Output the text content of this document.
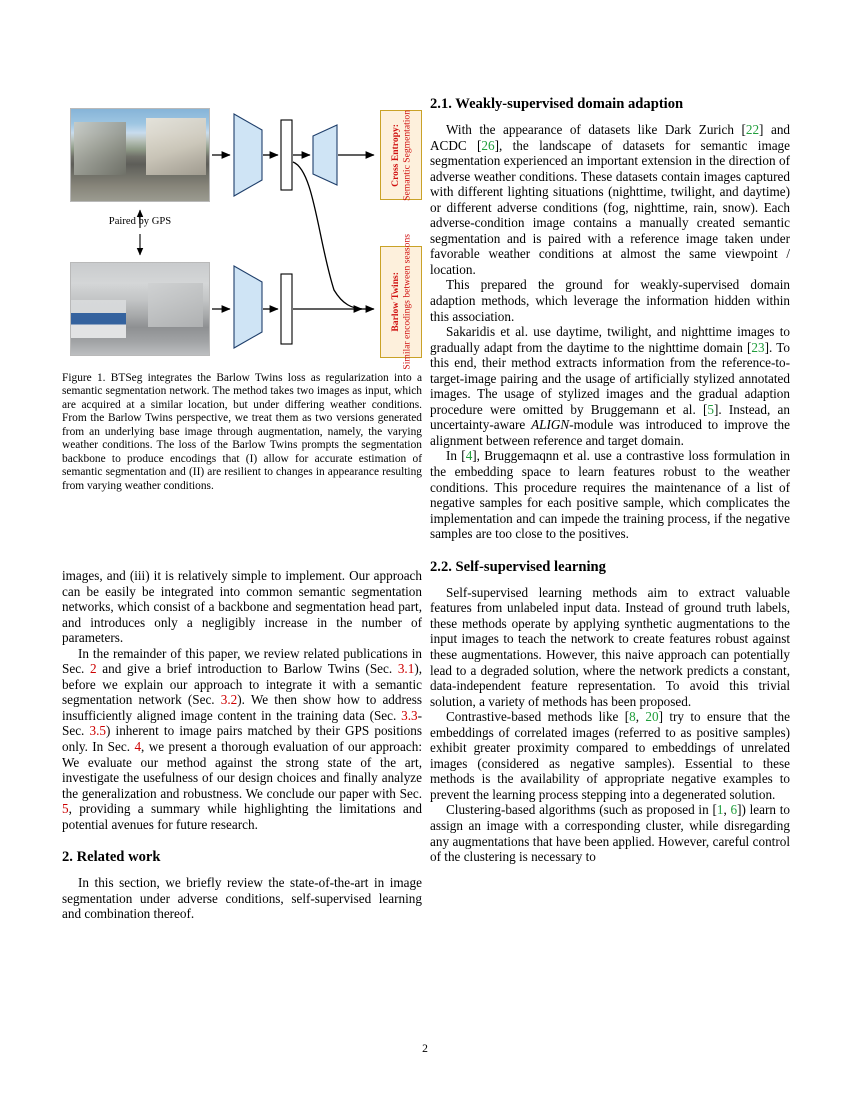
Paired by GPS
Cross Entropy:
Semantic Segmentation
Barlow Twins:
Similar encodings between seasons
Figure 1. BTSeg integrates the Barlow Twins loss as regularization into a semantic segmentation network. The method takes two images as input, which are acquired at a similar location, but under differing weather conditions. From the Barlow Twins perspective, we treat them as two versions generated from an underlying base image through augmentation, namely, the varying weather conditions. The loss of the Barlow Twins prompts the segmentation backbone to produce encodings that (I) allow for accurate estimation of semantic segmentation and (II) are resilient to changes in appearance resulting from varying weather conditions.

images, and (iii) it is relatively simple to implement. Our approach can be easily be integrated into common semantic segmentation networks, which consist of a backbone and segmentation head part, and introduces only a negligibly increase in the number of parameters.

In the remainder of this paper, we review related publications in Sec. 2 and give a brief introduction to Barlow Twins (Sec. 3.1), before we explain our approach to integrate it with a semantic segmentation network (Sec. 3.2). We then show how to address insufficiently aligned image content in the training data (Sec. 3.3-Sec. 3.5) inherent to image pairs matched by their GPS positions only. In Sec. 4, we present a thorough evaluation of our approach: We evaluate our method against the strong state of the art, investigate the usefulness of our design choices and finally analyze the generalization and robustness. We conclude our paper with Sec. 5, providing a summary while highlighting the limitations and potential avenues for future research.

2. Related work

In this section, we briefly review the state-of-the-art in image segmentation under adverse conditions, self-supervised learning and combination thereof.

2.1. Weakly-supervised domain adaption

With the appearance of datasets like Dark Zurich [22] and ACDC [26], the landscape of datasets for semantic image segmentation experienced an important extension in the direction of adverse weather conditions. These datasets contain images captured with different lighting situations (nighttime, twilight, and daytime) or different adverse conditions (fog, nighttime, rain, snow). Each adverse-condition image contains a manually created semantic segmentation and is paired with a reference image taken under favorable weather conditions at almost the same viewpoint / location.

This prepared the ground for weakly-supervised domain adaption methods, which leverage the information hidden within this association.

Sakaridis et al. use daytime, twilight, and nighttime images to gradually adapt from the daytime to the nighttime domain [23]. To this end, their method extracts information from the reference-to-target-image pairing and the usage of artificially stylized annotated images. The usage of stylized images and the gradual adaption procedure were omitted by Bruggemann et al. [5]. Instead, an uncertainty-aware ALIGN-module was introduced to improve the alignment between reference and target domain.

In [4], Bruggemaqnn et al. use a contrastive loss formulation in the embedding space to learn features robust to the weather conditions. This procedure requires the maintenance of a list of negative samples for each positive sample, which complicates the implementation and can impede the training process, if the negative samples are too close to the positives.

2.2. Self-supervised learning

Self-supervised learning methods aim to extract valuable features from unlabeled input data. Instead of ground truth labels, these methods operate by applying synthetic augmentations to the input images to teach the network to create features robust against these augmentations. However, this naive approach can potentially lead to a degraded solution, where the network predicts a constant, data-independent feature representation. To avoid this trivial solution, a variety of methods has been proposed.

Contrastive-based methods like [8, 20] try to ensure that the embeddings of correlated images (referred to as positive samples) exhibit greater proximity compared to embeddings of unrelated images (considered as negative samples). Essential to these methods is the availability of appropriate negative examples to prevent the learning process stepping into a degenerated solution.

Clustering-based algorithms (such as proposed in [1, 6]) learn to assign an image with a corresponding cluster, while disregarding any augmentations that have been applied. However, careful control of the clustering is necessary to

2
